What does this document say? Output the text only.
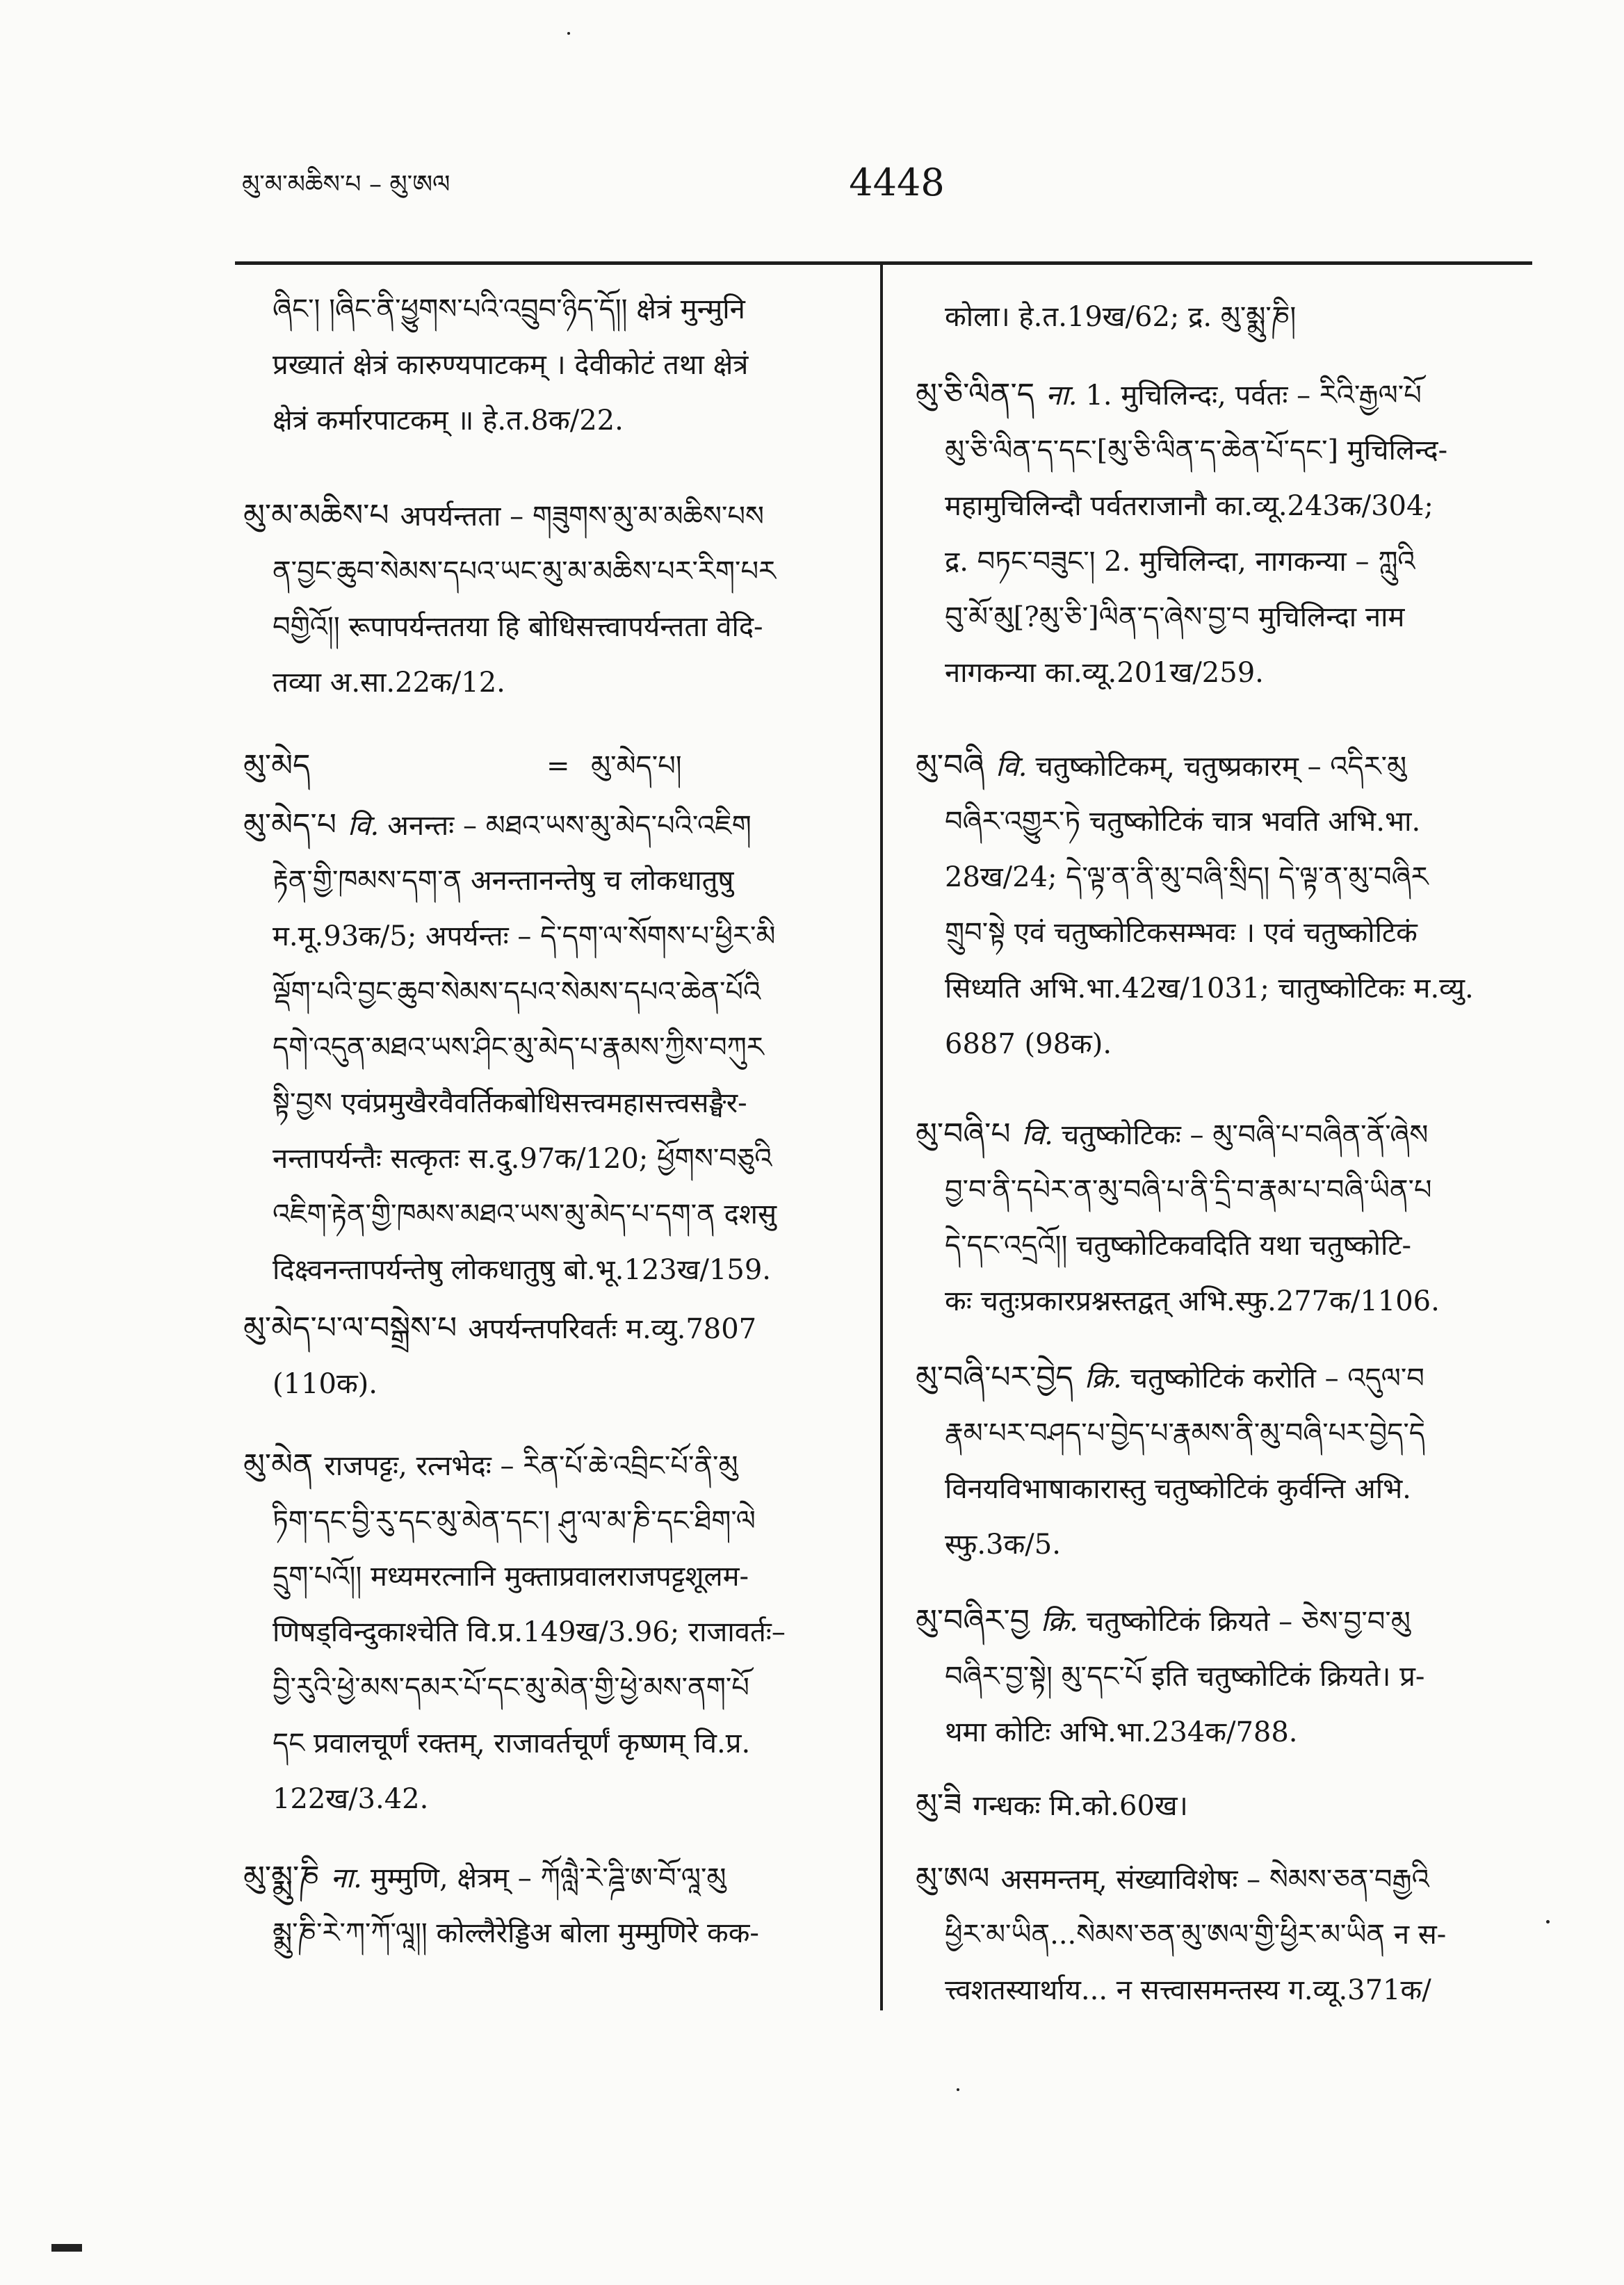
མུ་མ་མཆིས་པ – མུ་ཨལ	4448
ཞིང་། །ཞིང་ནི་ཕྱུགས་པའི་འབྲུབ་ཉིད་དོ།། क्षेत्रं मुन्मुनि
प्रख्यातं क्षेत्रं कारुण्यपाटकम् । देवीकोटं तथा क्षेत्रं
क्षेत्रं कर्मारपाटकम् ॥ हे.त.8क/22.
མུ་མ་མཆིས་པ अपर्यन्तता – གཟུགས་མུ་མ་མཆིས་པས
ན་བྱང་ཆུབ་སེམས་དཔའ་ཡང་མུ་མ་མཆིས་པར་རིག་པར
བགྱིའོ།། रूपापर्यन्ततया हि बोधिसत्त्वापर्यन्तता वेदि-
तव्या अ.सा.22क/12.
མུ་མེད	= མུ་མེད་པ།
མུ་མེད་པ वि. अनन्तः – མཐའ་ཡས་མུ་མེད་པའི་འཇིག
རྟེན་གྱི་ཁམས་དག་ན अनन्तानन्तेषु च लोकधातुषु
म.मू.93क/5; अपर्यन्तः – དེ་དག་ལ་སོགས་པ་ཕྱིར་མི
ལྡོག་པའི་བྱང་ཆུབ་སེམས་དཔའ་སེམས་དཔའ་ཆེན་པོའི
དགེ་འདུན་མཐའ་ཡས་ཤིང་མུ་མེད་པ་རྣམས་ཀྱིས་བཀུར
སྟི་བྱས एवंप्रमुखैरवैवर्तिकबोधिसत्त्वमहासत्त्वसङ्घैर-
नन्तापर्यन्तैः सत्कृतः स.दु.97क/120; ཕྱོགས་བཅུའི
འཇིག་རྟེན་གྱི་ཁམས་མཐའ་ཡས་མུ་མེད་པ་དག་ན दशसु
दिक्ष्वनन्तापर्यन्तेषु लोकधातुषु बो.भू.123ख/159.
མུ་མེད་པ་ལ་བསྒྲེས་པ अपर्यन्तपरिवर्तः म.व्यु.7807
(110क).
མུ་མེན राजपट्टः, रत्नभेदः – རིན་པོ་ཆེ་འབྲིང་པོ་ནི་མུ
ཏིག་དང་བྱི་རུ་དང་མུ་མེན་དང་། ཤུ་ལ་མ་ཎི་དང་ཐིག་ལེ
དྲུག་པའོ།། मध्यमरत्नानि मुक्ताप्रवालराजपट्टशूलम-
णिषड्विन्दुकाश्चेति वि.प्र.149ख/3.96; राजावर्तः–
བྱི་རུའི་ཕྱེ་མས་དམར་པོ་དང་མུ་མེན་གྱི་ཕྱེ་མས་ནག་པོ
དང प्रवालचूर्णं रक्तम्, राजावर्तचूर्णं कृष्णम् वि.प्र.
122ख/3.42.
མུ་མྨུ་ཎི ना. मुम्मुणि, क्षेत्रम् – ཀོལླཻ་རེ་ཌྜི་ཨ་བོ་ལཱ་མུ
མྨུ་ཎི་རེ་ཀ་ཀོ་ལཱ།། कोल्लैरेड्डिअ बोला मुम्मुणिरे कक-
कोला। हे.त.19ख/62; द्र. མུ་མྨུ་ཎི།
མུ་ཅི་ལིན་ད ना. 1. मुचिलिन्दः, पर्वतः – རིའི་རྒྱལ་པོ
མུ་ཅི་ལིན་ད་དང་[མུ་ཅི་ལིན་ད་ཆེན་པོ་དང་] मुचिलिन्द-
महामुचिलिन्दौ पर्वतराजानौ का.व्यू.243क/304;
द्र. བཏང་བཟུང་། 2. मुचिलिन्दा, नागकन्या – ཀླུའི
བུ་མོ་མུ[?མུ་ཅི་]ལིན་ད་ཞེས་བྱ་བ मुचिलिन्दा नाम
नागकन्या का.व्यू.201ख/259.
མུ་བཞི वि. चतुष्कोटिकम्, चतुष्प्रकारम् – འདིར་མུ
བཞིར་འགྱུར་ཏེ चतुष्कोटिकं चात्र भवति अभि.भा.
28ख/24; དེ་ལྟ་ན་ནི་མུ་བཞི་སྲིད། དེ་ལྟ་ན་མུ་བཞིར
གྲུབ་སྟེ एवं चतुष्कोटिकसम्भवः । एवं चतुष्कोटिकं
सिध्यति अभि.भा.42ख/1031; चातुष्कोटिकः म.व्यु.
6887 (98क).
མུ་བཞི་པ वि. चतुष्कोटिकः – མུ་བཞི་པ་བཞིན་ནོ་ཞེས
བྱ་བ་ནི་དཔེར་ན་མུ་བཞི་པ་ནི་དྲི་བ་རྣམ་པ་བཞི་ཡིན་པ
དེ་དང་འདྲའོ།། चतुष्कोटिकवदिति यथा चतुष्कोटि-
कः चतुःप्रकारप्रश्नस्तद्वत् अभि.स्फु.277क/1106.
མུ་བཞི་པར་བྱེད क्रि. चतुष्कोटिकं करोति – འདུལ་བ
རྣམ་པར་བཤད་པ་བྱེད་པ་རྣམས་ནི་མུ་བཞི་པར་བྱེད་དེ
विनयविभाषाकारास्तु चतुष्कोटिकं कुर्वन्ति अभि.
स्फु.3क/5.
མུ་བཞིར་བྱ क्रि. चतुष्कोटिकं क्रियते – ཅེས་བྱ་བ་མུ
བཞིར་བྱ་སྟེ། མུ་དང་པོ इति चतुष्कोटिकं क्रियते। प्र-
थमा कोटिः अभि.भा.234क/788.
མུ་ཟི गन्धकः मि.को.60ख।
མུ་ཨལ असमन्तम्, संख्याविशेषः – སེམས་ཅན་བརྒྱའི
ཕྱིར་མ་ཡིན...སེམས་ཅན་མུ་ཨལ་གྱི་ཕྱིར་མ་ཡིན न स-
त्त्वशतस्यार्थाय... न सत्त्वासमन्तस्य ग.व्यू.371क/
